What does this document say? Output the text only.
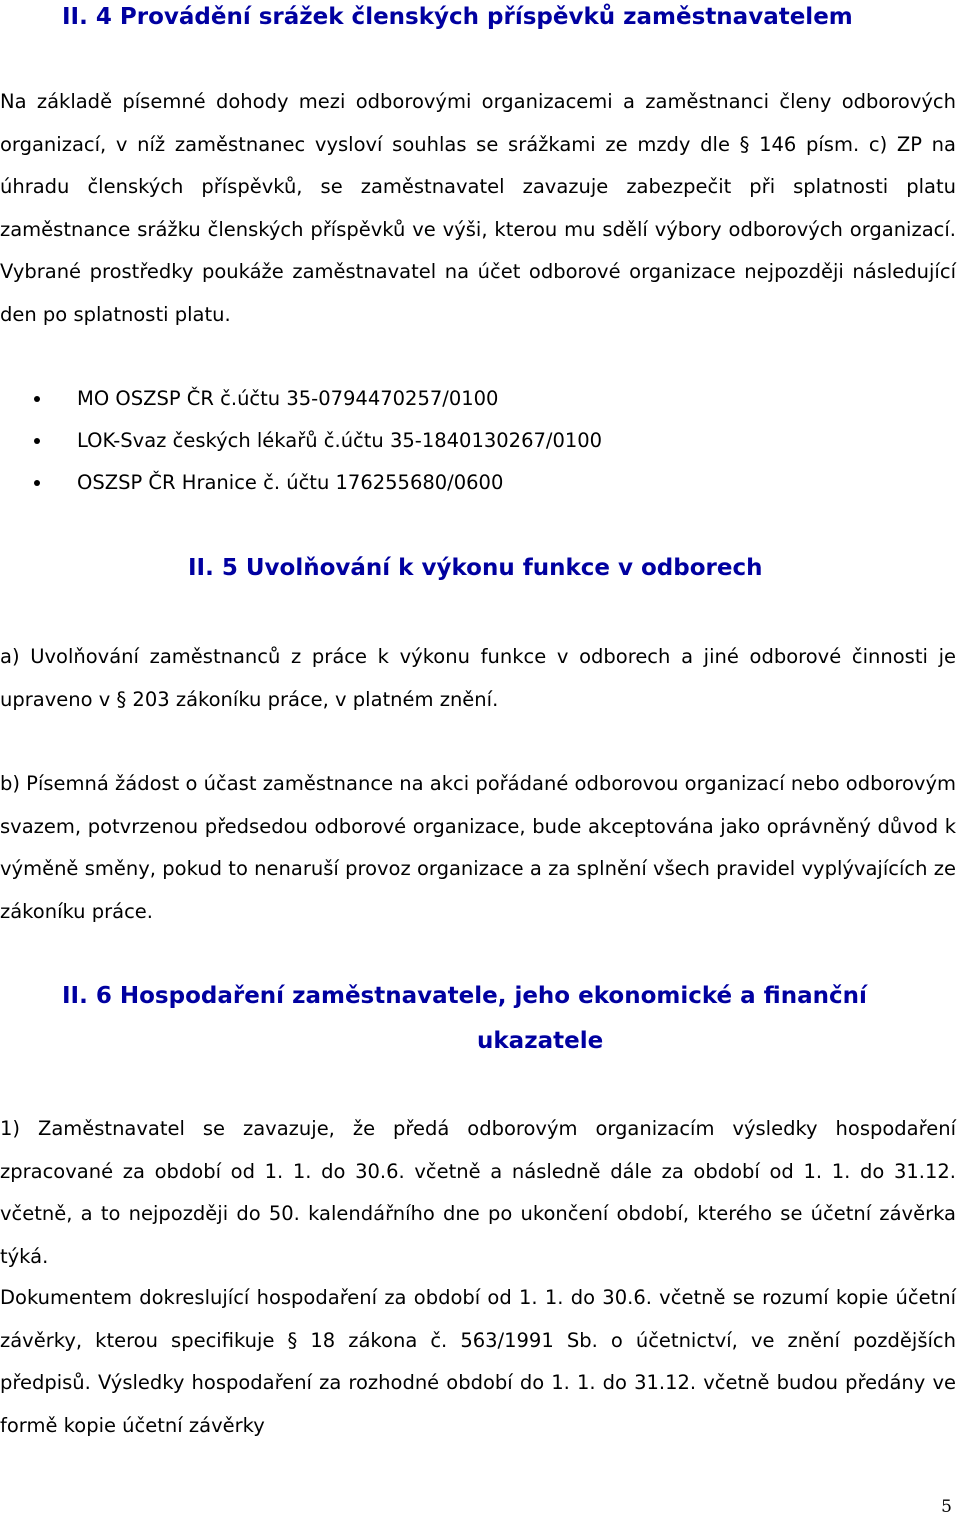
II. 4 Provádění srážek členských příspěvků zaměstnavatelem

Na základě písemné dohody mezi odborovými organizacemi a zaměstnanci členy odborových organizací, v níž zaměstnanec vysloví souhlas se srážkami ze mzdy dle § 146 písm. c) ZP na úhradu členských příspěvků, se zaměstnavatel zavazuje zabezpečit při splatnosti platu zaměstnance srážku členských příspěvků ve výši, kterou mu sdělí výbory odborových organizací. Vybrané prostředky poukáže zaměstnavatel na účet odborové organizace nejpozději následující den po splatnosti platu.

MO OSZSP ČR č.účtu 35-0794470257/0100
LOK-Svaz českých lékařů č.účtu 35-1840130267/0100
OSZSP ČR Hranice č. účtu 176255680/0600
II. 5 Uvolňování k výkonu funkce v odborech

a) Uvolňování zaměstnanců z práce k výkonu funkce v odborech a jiné odborové činnosti je upraveno v § 203 zákoníku práce, v platném znění.

b) Písemná žádost o účast zaměstnance na akci pořádané odborovou organizací nebo odborovým svazem, potvrzenou předsedou odborové organizace, bude akceptována jako oprávněný důvod k výměně směny, pokud to nenaruší provoz organizace a za splnění všech pravidel vyplývajících ze zákoníku práce.

II. 6 Hospodaření zaměstnavatele, jeho ekonomické a finanční
ukazatele

1) Zaměstnavatel se zavazuje, že předá odborovým organizacím výsledky hospodaření zpracované za období od 1. 1. do 30.6. včetně a následně dále za období od 1. 1. do 31.12. včetně, a to nejpozději do 50. kalendářního dne po ukončení období, kterého se účetní závěrka týká.

Dokumentem dokreslující hospodaření za období od 1. 1. do 30.6. včetně se rozumí kopie účetní závěrky, kterou specifikuje § 18 zákona č. 563/1991 Sb. o účetnictví, ve znění pozdějších předpisů. Výsledky hospodaření za rozhodné období do 1. 1. do 31.12. včetně budou předány ve formě kopie účetní závěrky

5
